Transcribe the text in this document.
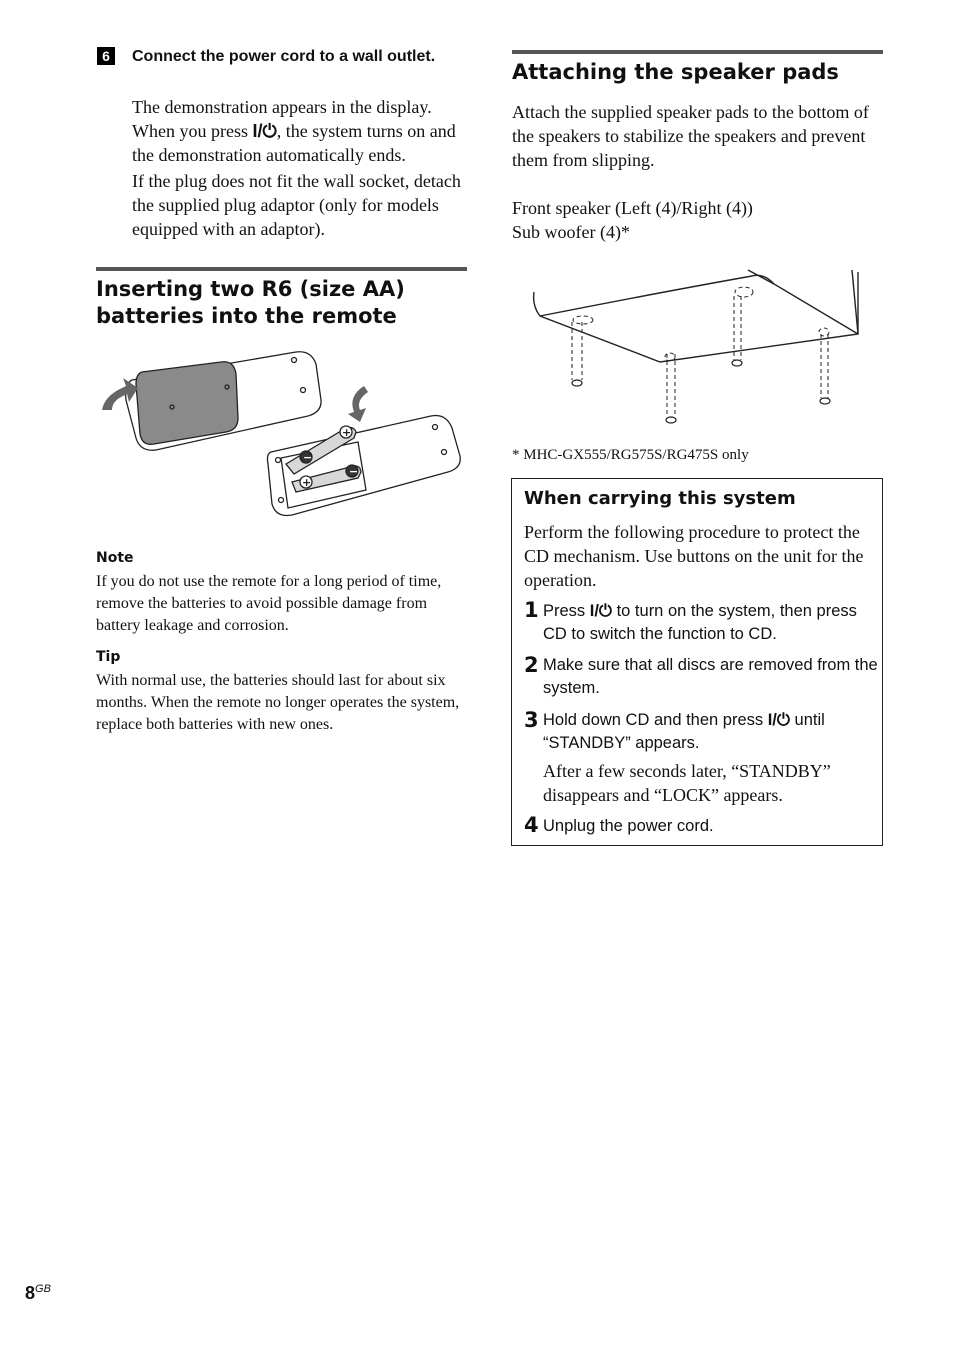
6	Connect the power cord to a wall outlet.
The demonstration appears in the display. When you press I/⏻, the system turns on and the demonstration automatically ends.
If the plug does not fit the wall socket, detach the supplied plug adaptor (only for models equipped with an adaptor).
Inserting two R6 (size AA) batteries into the remote
+
+
−
−
Note
If you do not use the remote for a long period of time, remove the batteries to avoid possible damage from battery leakage and corrosion.
Tip
With normal use, the batteries should last for about six months. When the remote no longer operates the system, replace both batteries with new ones.
Attaching the speaker pads
Attach the supplied speaker pads to the bottom of the speakers to stabilize the speakers and prevent them from slipping.
Front speaker (Left (4)/Right (4))
Sub woofer (4)*
* MHC-GX555/RG575S/RG475S only
When carrying this system
Perform the following procedure to protect the CD mechanism. Use buttons on the unit for the operation.
1 Press I/⏻ to turn on the system, then press CD to switch the function to CD.
2 Make sure that all discs are removed from the system.
3 Hold down CD and then press I/⏻ until “STANDBY” appears.
After a few seconds later, “STANDBY” disappears and “LOCK” appears.
4 Unplug the power cord.
$8^{GB}$
